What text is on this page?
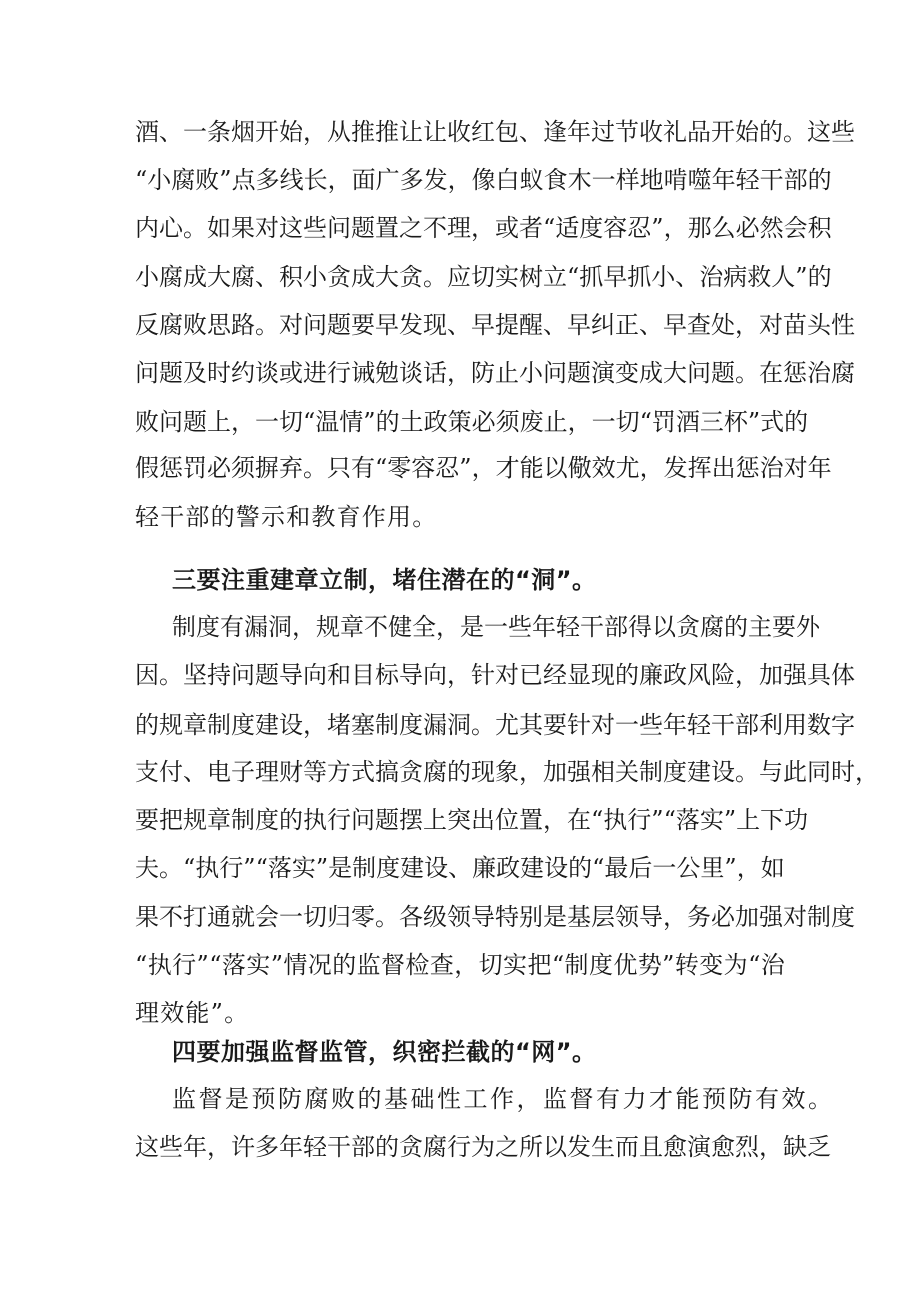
酒 、 一 条 烟 开 始 ， 从 推 推 让 让 收 红 包 、 逢 年 过 节 收 礼 品 开 始 的 。 这 些
“ 小 腐 败 ” 点 多 线 长 ， 面 广 多 发 ， 像 白 蚁 食 木 一 样 地 啃 噬 年 轻 干 部 的
内 心 。 如 果 对 这 些 问 题 置 之 不 理 ， 或 者 “ 适 度 容 忍 ” ， 那 么 必 然 会 积
小 腐 成 大 腐 、 积 小 贪 成 大 贪 。 应 切 实 树 立 “ 抓 早 抓 小 、 治 病 救 人 ” 的
反 腐 败 思 路 。 对 问 题 要 早 发 现 、 早 提 醒 、 早 纠 正 、 早 查 处 ， 对 苗 头 性
问 题 及 时 约 谈 或 进 行 诫 勉 谈 话 ， 防 止 小 问 题 演 变 成 大 问 题 。 在 惩 治 腐
败 问 题 上 ， 一 切 “ 温 情 ” 的 土 政 策 必 须 废 止 ， 一 切 “ 罚 酒 三 杯 ” 式 的
假 惩 罚 必 须 摒 弃 。 只 有 “ 零 容 忍 ” ， 才 能 以 儆 效 尤 ， 发 挥 出 惩 治 对 年
轻干部的警示和教育作用。
三要注重建章立制，堵住潜在的“洞”。
制 度 有 漏 洞 ， 规 章 不 健 全 ， 是 一 些 年 轻 干 部 得 以 贪 腐 的 主 要 外
因 。 坚 持 问 题 导 向 和 目 标 导 向 ， 针 对 已 经 显 现 的 廉 政 风 险 ， 加 强 具 体
的 规 章 制 度 建 设 ， 堵 塞 制 度 漏 洞 。 尤 其 要 针 对 一 些 年 轻 干 部 利 用 数 字
支 付 、 电 子 理 财 等 方 式 搞 贪 腐 的 现 象 ， 加 强 相 关 制 度 建 设 。 与 此 同 时 ，
要 把 规 章 制 度 的 执 行 问 题 摆 上 突 出 位 置 ， 在 “ 执 行 ” “ 落 实 ” 上 下 功
夫 。 “ 执 行 ” “ 落 实 ” 是 制 度 建 设 、 廉 政 建 设 的 “ 最 后 一 公 里 ” ， 如
果 不 打 通 就 会 一 切 归 零 。 各 级 领 导 特 别 是 基 层 领 导 ， 务 必 加 强 对 制 度
“ 执 行 ” “ 落 实 ” 情 况 的 监 督 检 查 ， 切 实 把 “ 制 度 优 势 ” 转 变 为 “ 治
理效能”。
四要加强监督监管，织密拦截的“网”。
监督是预防腐败的基础性工作，监督有力才能预防有效。
这 些 年 ， 许 多 年 轻 干 部 的 贪 腐 行 为 之 所 以 发 生 而 且 愈 演 愈 烈 ， 缺 乏
